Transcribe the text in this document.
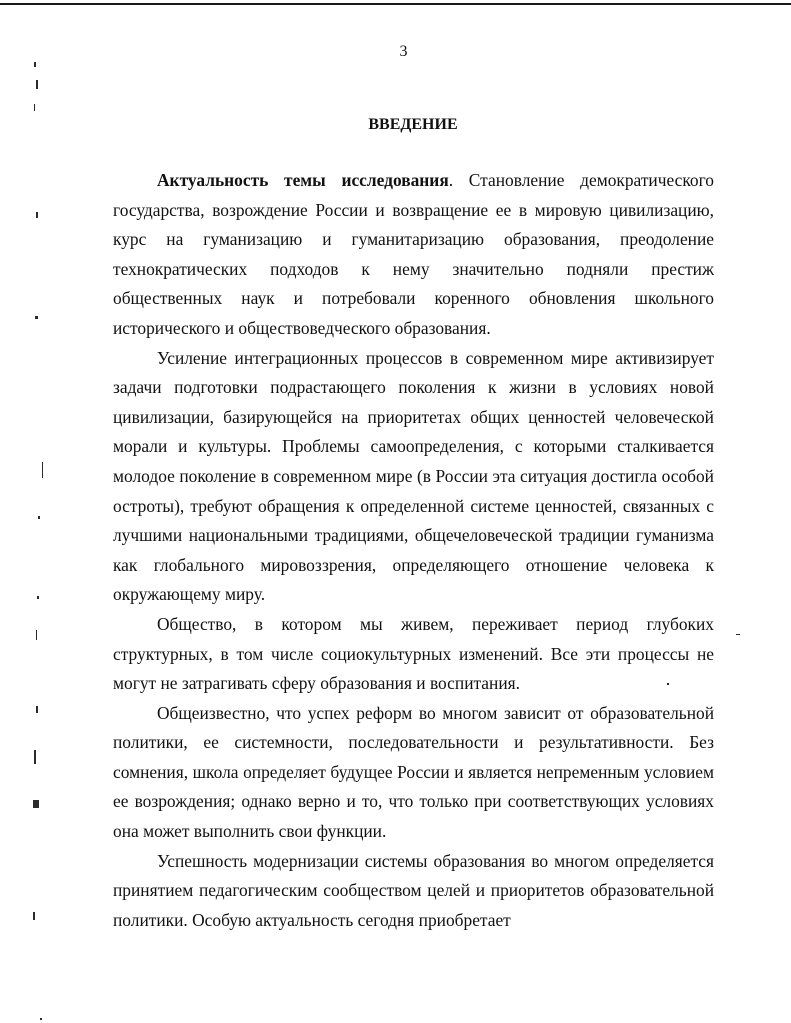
3
ВВЕДЕНИЕ

Актуальность темы исследования. Становление демократического государства, возрождение России и возвращение ее в мировую цивилизацию, курс на гуманизацию и гуманитаризацию образования, преодоление технократических подходов к нему значительно подняли престиж общественных наук и потребовали коренного обновления школьного исторического и обществоведческого образования.

Усиление интеграционных процессов в современном мире активизирует задачи подготовки подрастающего поколения к жизни в условиях новой цивилизации, базирующейся на приоритетах общих ценностей человеческой морали и культуры. Проблемы самоопределения, с которыми сталкивается молодое поколение в современном мире (в России эта ситуация достигла особой остроты), требуют обращения к определенной системе ценностей, связанных с лучшими национальными традициями, общечеловеческой традиции гуманизма как глобального мировоззрения, определяющего отношение человека к окружающему миру.

Общество, в котором мы живем, переживает период глубоких структурных, в том числе социокультурных изменений. Все эти процессы не могут не затрагивать сферу образования и воспитания.

Общеизвестно, что успех реформ во многом зависит от образовательной политики, ее системности, последовательности и результативности. Без сомнения, школа определяет будущее России и является непременным условием ее возрождения; однако верно и то, что только при соответствующих условиях она может выполнить свои функции.

Успешность модернизации системы образования во многом определяется принятием педагогическим сообществом целей и приоритетов образовательной политики. Особую актуальность сегодня приобретает
